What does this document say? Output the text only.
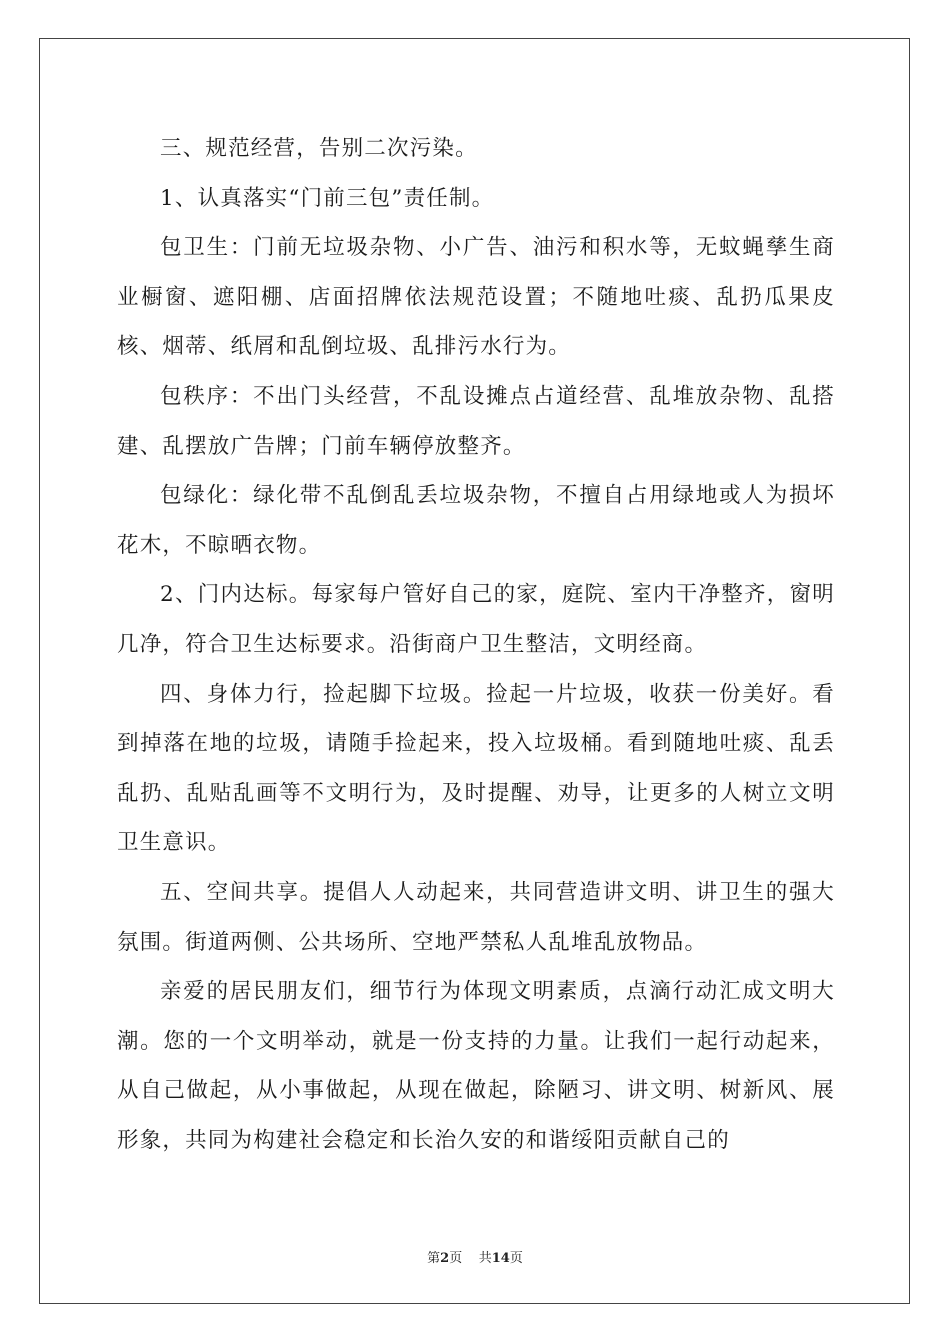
三、规范经营，告别二次污染。

1、认真落实“门前三包”责任制。

包卫生：门前无垃圾杂物、小广告、油污和积水等，无蚊蝇孳生商业橱窗、遮阳棚、店面招牌依法规范设置；不随地吐痰、乱扔瓜果皮核、烟蒂、纸屑和乱倒垃圾、乱排污水行为。

包秩序：不出门头经营，不乱设摊点占道经营、乱堆放杂物、乱搭建、乱摆放广告牌；门前车辆停放整齐。

包绿化：绿化带不乱倒乱丢垃圾杂物，不擅自占用绿地或人为损坏花木，不晾晒衣物。

2、门内达标。每家每户管好自己的家，庭院、室内干净整齐，窗明几净，符合卫生达标要求。沿街商户卫生整洁，文明经商。

四、身体力行，捡起脚下垃圾。捡起一片垃圾，收获一份美好。看到掉落在地的垃圾，请随手捡起来，投入垃圾桶。看到随地吐痰、乱丢乱扔、乱贴乱画等不文明行为，及时提醒、劝导，让更多的人树立文明卫生意识。

五、空间共享。提倡人人动起来，共同营造讲文明、讲卫生的强大氛围。街道两侧、公共场所、空地严禁私人乱堆乱放物品。

亲爱的居民朋友们，细节行为体现文明素质，点滴行动汇成文明大潮。您的一个文明举动，就是一份支持的力量。让我们一起行动起来，从自己做起，从小事做起，从现在做起，除陋习、讲文明、树新风、展形象，共同为构建社会稳定和长治久安的和谐绥阳贡献自己的

第2页 共14页
